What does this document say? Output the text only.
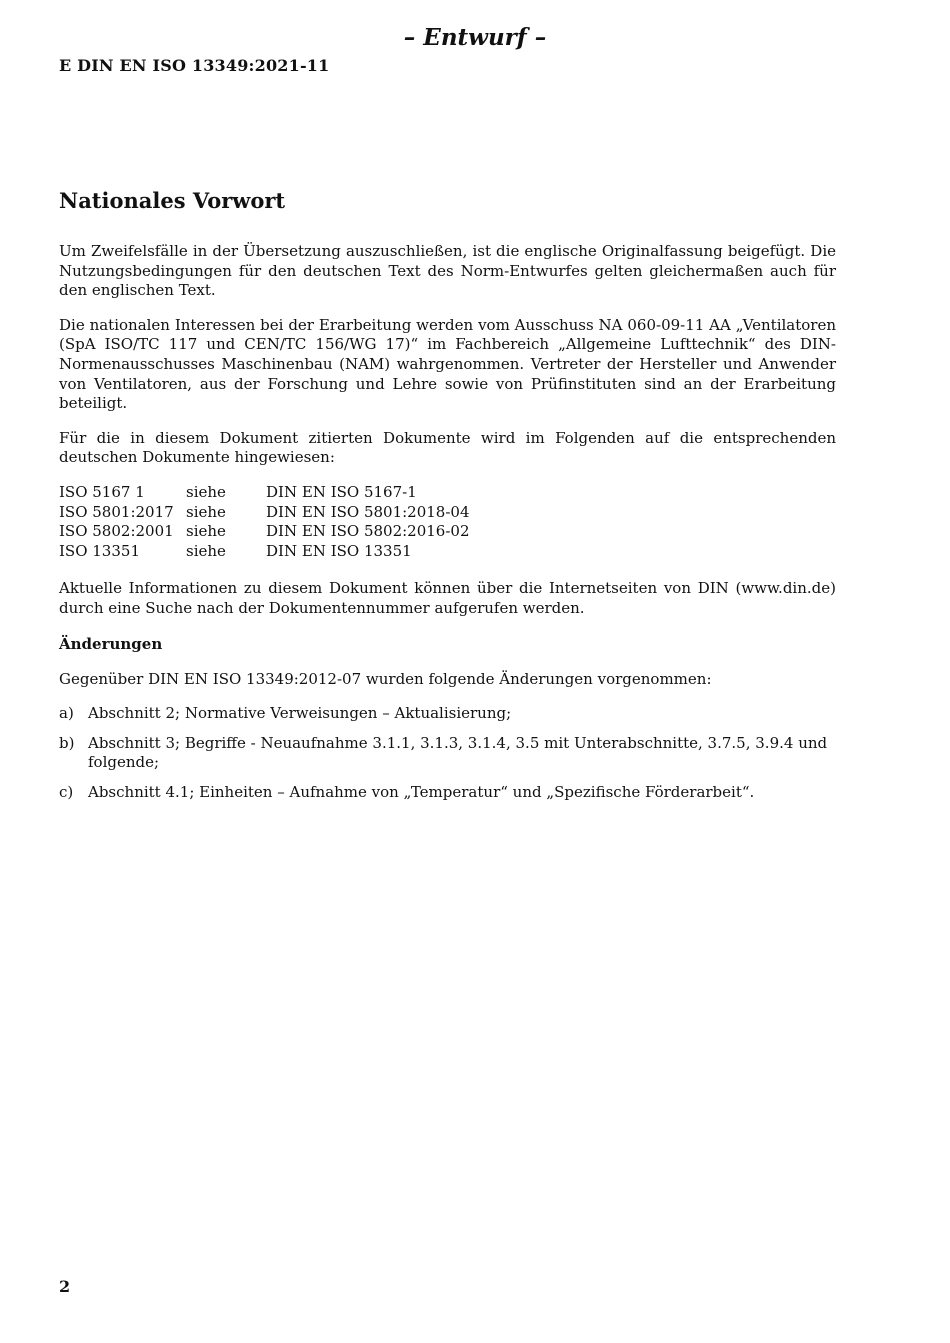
– Entwurf –
E DIN EN ISO 13349:2021-11
Nationales Vorwort

Um Zweifelsfälle in der Übersetzung auszuschließen, ist die englische Originalfassung beigefügt. Die Nutzungsbedingungen für den deutschen Text des Norm-Entwurfes gelten gleichermaßen auch für den englischen Text.

Die nationalen Interessen bei der Erarbeitung werden vom Ausschuss NA 060-09-11 AA „Ventilatoren (SpA ISO/TC 117 und CEN/TC 156/WG 17)“ im Fachbereich „Allgemeine Lufttechnik“ des DIN-Normenausschusses Maschinenbau (NAM) wahrgenommen. Vertreter der Hersteller und Anwender von Ventilatoren, aus der Forschung und Lehre sowie von Prüfinstituten sind an der Erarbeitung beteiligt.

Für die in diesem Dokument zitierten Dokumente wird im Folgenden auf die entsprechenden deutschen Dokumente hingewiesen:

ISO 5167 1	siehe	DIN EN ISO 5167-1
ISO 5801:2017	siehe	DIN EN ISO 5801:2018-04
ISO 5802:2001	siehe	DIN EN ISO 5802:2016-02
ISO 13351	siehe	DIN EN ISO 13351

Aktuelle Informationen zu diesem Dokument können über die Internetseiten von DIN (www.din.de) durch eine Suche nach der Dokumentennummer aufgerufen werden.

Änderungen

Gegenüber DIN EN ISO 13349:2012-07 wurden folgende Änderungen vorgenommen:

a) Abschnitt 2; Normative Verweisungen – Aktualisierung;
b) Abschnitt 3; Begriffe - Neuaufnahme 3.1.1, 3.1.3, 3.1.4, 3.5 mit Unterabschnitte, 3.7.5, 3.9.4 und folgende;
c) Abschnitt 4.1; Einheiten – Aufnahme von „Temperatur“ und „Spezifische Förderarbeit“.
2
